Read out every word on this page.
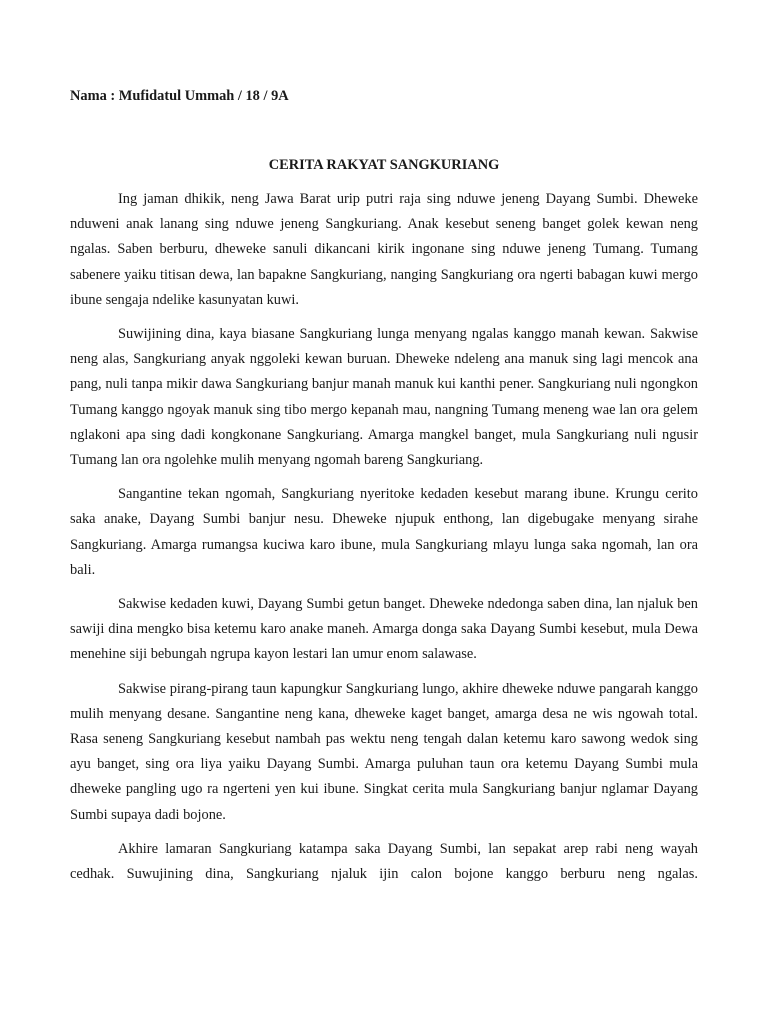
Nama : Mufidatul Ummah / 18 / 9A

CERITA RAKYAT SANGKURIANG

Ing jaman dhikik, neng Jawa Barat urip putri raja sing nduwe jeneng Dayang Sumbi. Dheweke nduweni anak lanang sing nduwe jeneng Sangkuriang. Anak kesebut seneng banget golek kewan neng ngalas. Saben berburu, dheweke sanuli dikancani kirik ingonane sing nduwe jeneng Tumang. Tumang sabenere yaiku titisan dewa, lan bapakne Sangkuriang, nanging Sangkuriang ora ngerti babagan kuwi mergo ibune sengaja ndelike kasunyatan kuwi.

Suwijining dina, kaya biasane Sangkuriang lunga menyang ngalas kanggo manah kewan. Sakwise neng alas, Sangkuriang anyak nggoleki kewan buruan. Dheweke ndeleng ana manuk sing lagi mencok ana pang, nuli tanpa mikir dawa Sangkuriang banjur manah manuk kui kanthi pener. Sangkuriang nuli ngongkon Tumang kanggo ngoyak manuk sing tibo mergo kepanah mau, nangning Tumang meneng wae lan ora gelem nglakoni apa sing dadi kongkonane Sangkuriang. Amarga mangkel banget, mula Sangkuriang nuli ngusir Tumang lan ora ngolehke mulih menyang ngomah bareng Sangkuriang.

Sangantine tekan ngomah, Sangkuriang nyeritoke kedaden kesebut marang ibune. Krungu cerito saka anake, Dayang Sumbi banjur nesu. Dheweke njupuk enthong, lan digebugake menyang sirahe Sangkuriang. Amarga rumangsa kuciwa karo ibune, mula Sangkuriang mlayu lunga saka ngomah, lan ora bali.

Sakwise kedaden kuwi, Dayang Sumbi getun banget. Dheweke ndedonga saben dina, lan njaluk ben sawiji dina mengko bisa ketemu karo anake maneh. Amarga donga saka Dayang Sumbi kesebut, mula Dewa menehine siji bebungah ngrupa kayon lestari lan umur enom salawase.

Sakwise pirang-pirang taun kapungkur Sangkuriang lungo, akhire dheweke nduwe pangarah kanggo mulih menyang desane. Sangantine neng kana, dheweke kaget banget, amarga desa ne wis ngowah total. Rasa seneng Sangkuriang kesebut nambah pas wektu neng tengah dalan ketemu karo sawong wedok sing ayu banget, sing ora liya yaiku Dayang Sumbi. Amarga puluhan taun ora ketemu Dayang Sumbi mula dheweke pangling ugo ra ngerteni yen kui ibune. Singkat cerita mula Sangkuriang banjur nglamar Dayang Sumbi supaya dadi bojone.

Akhire lamaran Sangkuriang katampa saka Dayang Sumbi, lan sepakat arep rabi neng wayah cedhak. Suwujining dina, Sangkuriang njaluk ijin calon bojone kanggo berburu neng ngalas.
